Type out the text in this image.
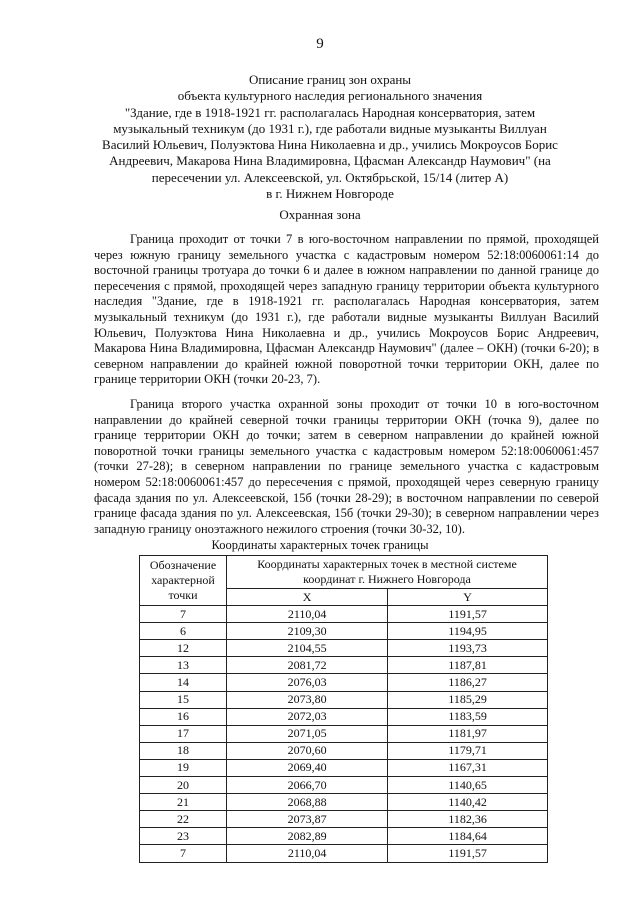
9
Описание границ зон охраны
объекта культурного наследия регионального значения
"Здание, где в 1918-1921 гг. располагалась Народная консерватория, затем
музыкальный техникум (до 1931 г.), где работали видные музыканты Виллуан
Василий Юльевич, Полуэктова Нина Николаевна и др., учились Мокроусов Борис
Андреевич, Макарова Нина Владимировна, Цфасман Александр Наумович" (на
пересечении ул. Алексеевской, ул. Октябрьской, 15/14 (литер А)
в г. Нижнем Новгороде
Охранная зона

Граница проходит от точки 7 в юго-восточном направлении по прямой, проходящей через южную границу земельного участка с кадастровым номером 52:18:0060061:14 до восточной границы тротуара до точки 6 и далее в южном направлении по данной границе до пересечения с прямой, проходящей через западную границу территории объекта культурного наследия "Здание, где в 1918-1921 гг. располагалась Народная консерватория, затем музыкальный техникум (до 1931 г.), где работали видные музыканты Виллуан Василий Юльевич, Полуэктова Нина Николаевна и др., учились Мокроусов Борис Андреевич, Макарова Нина Владимировна, Цфасман Александр Наумович" (далее – ОКН) (точки 6-20); в северном направлении до крайней южной поворотной точки территории ОКН, далее по границе территории ОКН (точки 20-23, 7).

Граница второго участка охранной зоны проходит от точки 10 в юго-восточном направлении до крайней северной точки границы территории ОКН (точка 9), далее по границе территории ОКН до точки; затем в северном направлении до крайней южной поворотной точки границы земельного участка с кадастровым номером 52:18:0060061:457 (точки 27-28); в северном направлении по границе земельного участка с кадастровым номером 52:18:0060061:457 до пересечения с прямой, проходящей через северную границу фасада здания по ул. Алексеевской, 15б (точки 28-29); в восточном направлении по северой границе фасада здания по ул. Алексеевская, 15б (точки 29-30); в северном направлении через западную границу оноэтажного нежилого строения (точки 30-32, 10).

Координаты характерных точек границы
Обозначение характерной точки	Координаты характерных точек в местной системе координат г. Нижнего Новгорода	
	X	Y
7	2110,04	1191,57
6	2109,30	1194,95
12	2104,55	1193,73
13	2081,72	1187,81
14	2076,03	1186,27
15	2073,80	1185,29
16	2072,03	1183,59
17	2071,05	1181,97
18	2070,60	1179,71
19	2069,40	1167,31
20	2066,70	1140,65
21	2068,88	1140,42
22	2073,87	1182,36
23	2082,89	1184,64
7	2110,04	1191,57
